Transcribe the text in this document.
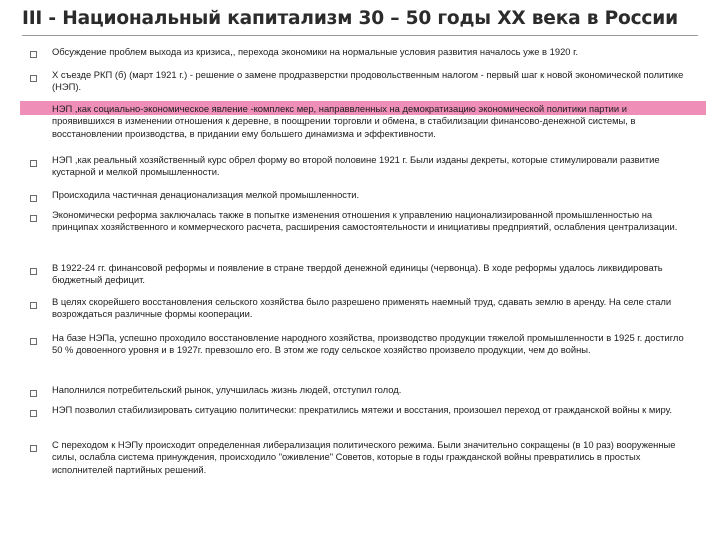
III - Национальный капитализм 30 – 50 годы XX века в России
Обсуждение проблем выхода из кризиса,, перехода экономики на нормальные условия развития началось уже в 1920 г.
X съезде РКП (б) (март 1921 г.) - решение о замене продразверстки продовольственным налогом - первый шаг к новой экономической политике (НЭП).
НЭП ,как социально-экономическое явление -комплекс мер, направвленных на демократизацию экономической политики партии и проявившихся в изменении отношения к деревне, в поощрении торговли и обмена, в стабилизации финансово-денежной системы, в восстановлении производства, в придании ему большего динамизма и эффективности.
НЭП ,как реальный хозяйственный курс обрел форму во второй половине 1921 г. Были изданы декреты, которые стимулировали развитие кустарной и мелкой промышленности.
Происходила частичная денационализация мелкой промышленности.
Экономически реформа заключалась также в попытке изменения отношения к управлению национализированной промышленностью на принципах хозяйственного и коммерческого расчета, расширения самостоятельности и инициативы предприятий, ослабления централизации.
В 1922-24 гг. финансовой реформы и появление в стране твердой денежной единицы (червонца). В ходе реформы удалось ликвидировать бюджетный дефицит.
В целях скорейшего восстановления сельского хозяйства было разрешено применять наемный труд, сдавать землю в аренду. На селе стали возрождаться различные формы кооперации.
На базе НЭПа, успешно проходило восстановление народного хозяйства, производство продукции тяжелой промышленности в 1925 г. достигло 50 % довоенного уровня и в 1927г. превзошло его. В этом же году сельское хозяйство произвело продукции, чем до войны.
Наполнился потребительский рынок, улучшилась жизнь людей, отступил голод.
НЭП позволил стабилизировать ситуацию политически: прекратились мятежи и восстания, произошел переход от гражданской войны к миру.
С переходом к НЭПу происходит определенная либерализация политического режима. Были значительно сокращены (в 10 раз) вооруженные силы, ослабла система принуждения, происходило "оживление" Советов, которые в годы гражданской войны превратились в простых исполнителей партийных решений.
